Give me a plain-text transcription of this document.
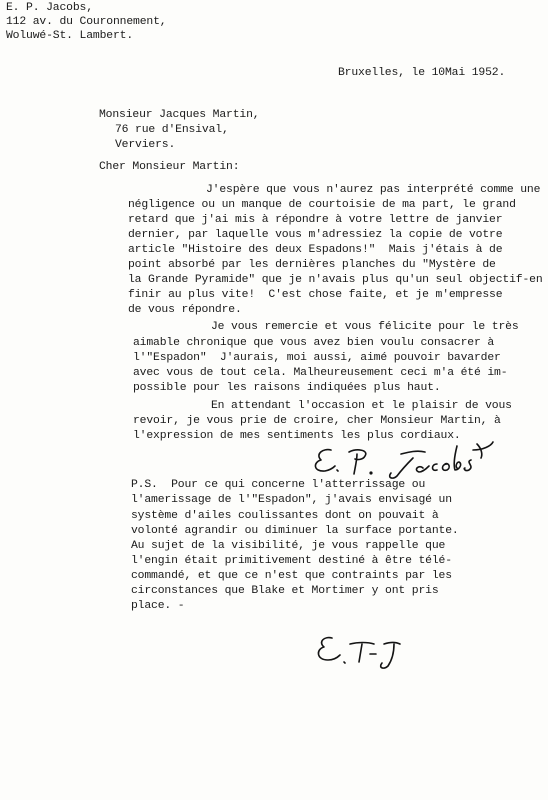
E. P. Jacobs,
112 av. du Couronnement,
Woluwé-St. Lambert.
Bruxelles, le 10Mai 1952.
Monsieur Jacques Martin,
76 rue d'Ensival,
Verviers.
Cher Monsieur Martin:
J'espère que vous n'aurez pas interprété comme une
négligence ou un manque de courtoisie de ma part, le grand
retard que j'ai mis à répondre à votre lettre de janvier
dernier, par laquelle vous m'adressiez la copie de votre
article "Histoire des deux Espadons!"  Mais j'étais à de
point absorbé par les dernières planches du "Mystère de
la Grande Pyramide" que je n'avais plus qu'un seul objectif-en
finir au plus vite!  C'est chose faite, et je m'empresse
de vous répondre.
Je vous remercie et vous félicite pour le très
aimable chronique que vous avez bien voulu consacrer à
l'"Espadon"  J'aurais, moi aussi, aimé pouvoir bavarder
avec vous de tout cela. Malheureusement ceci m'a été im-
possible pour les raisons indiquées plus haut.
En attendant l'occasion et le plaisir de vous
revoir, je vous prie de croire, cher Monsieur Martin, à
l'expression de mes sentiments les plus cordiaux.
P.S.  Pour ce qui concerne l'atterrissage ou
l'amerissage de l'"Espadon", j'avais envisagé un
système d'ailes coulissantes dont on pouvait à
volonté agrandir ou diminuer la surface portante.
Au sujet de la visibilité, je vous rappelle que
l'engin était primitivement destiné à être télé-
commandé, et que ce n'est que contraints par les
circonstances que Blake et Mortimer y ont pris
place. -
